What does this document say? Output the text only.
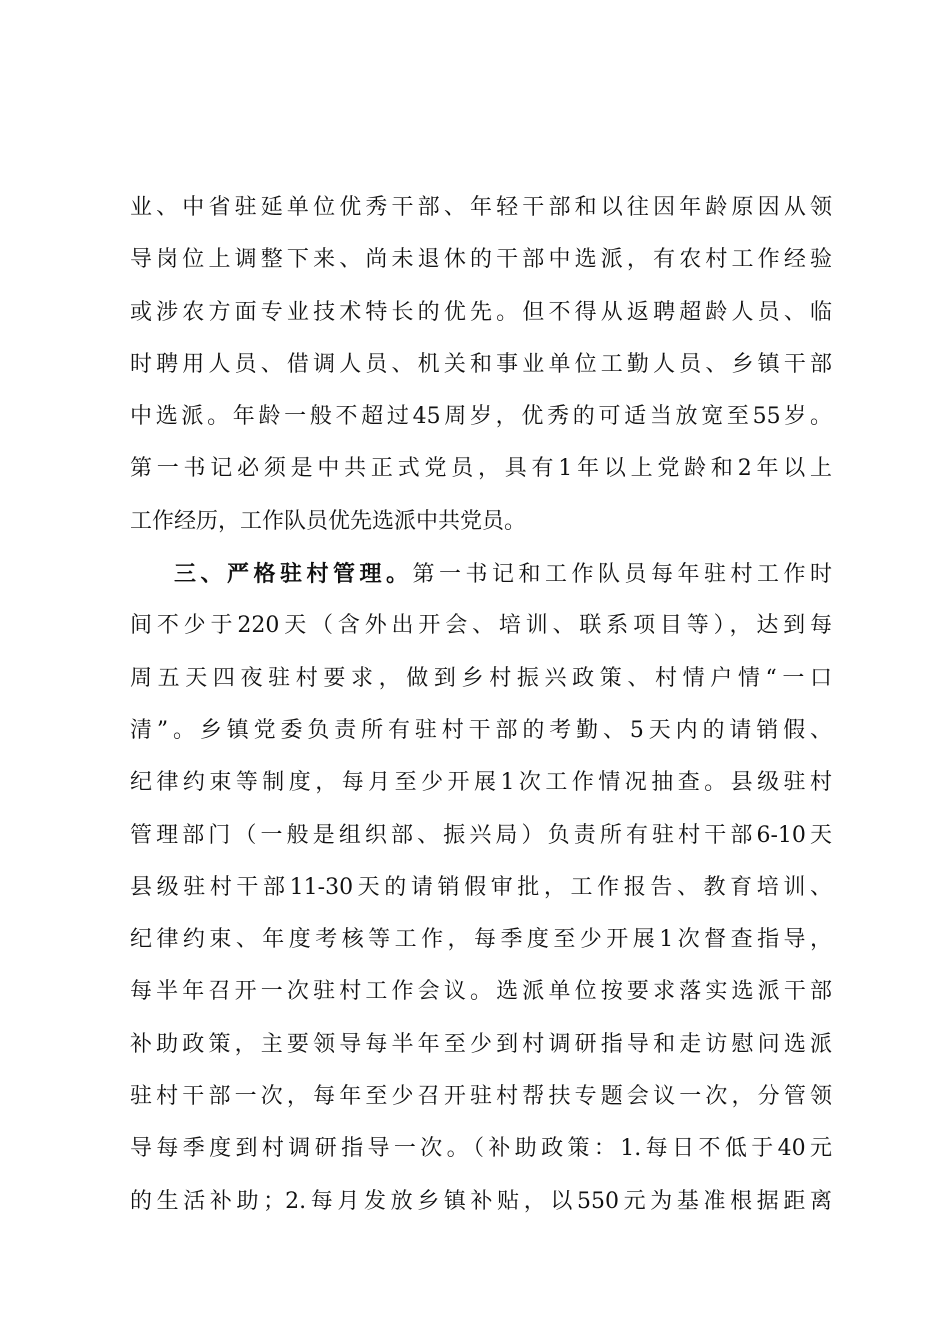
业、中省驻延单位优秀干部、年轻干部和以往因年龄原因从领
导岗位上调整下来、尚未退休的干部中选派，有农村工作经验
或涉农方面专业技术特长的优先。但不得从返聘超龄人员、临
时聘用人员、借调人员、机关和事业单位工勤人员、乡镇干部
中选派。年龄一般不超过45周岁，优秀的可适当放宽至55岁。
第一书记必须是中共正式党员，具有1年以上党龄和2年以上
工作经历，工作队员优先选派中共党员。
三、严格驻村管理。第一书记和工作队员每年驻村工作时
间不少于220天（含外出开会、培训、联系项目等），达到每
周五天四夜驻村要求，做到乡村振兴政策、村情户情“一口
清”。乡镇党委负责所有驻村干部的考勤、5天内的请销假、
纪律约束等制度，每月至少开展1次工作情况抽查。县级驻村
管理部门（一般是组织部、振兴局）负责所有驻村干部6-10天
县级驻村干部11-30天的请销假审批，工作报告、教育培训、
纪律约束、年度考核等工作，每季度至少开展1次督查指导，
每半年召开一次驻村工作会议。选派单位按要求落实选派干部
补助政策，主要领导每半年至少到村调研指导和走访慰问选派
驻村干部一次，每年至少召开驻村帮扶专题会议一次，分管领
导每季度到村调研指导一次。（补助政策：1.每日不低于40元
的生活补助；2.每月发放乡镇补贴，以550元为基准根据距离
